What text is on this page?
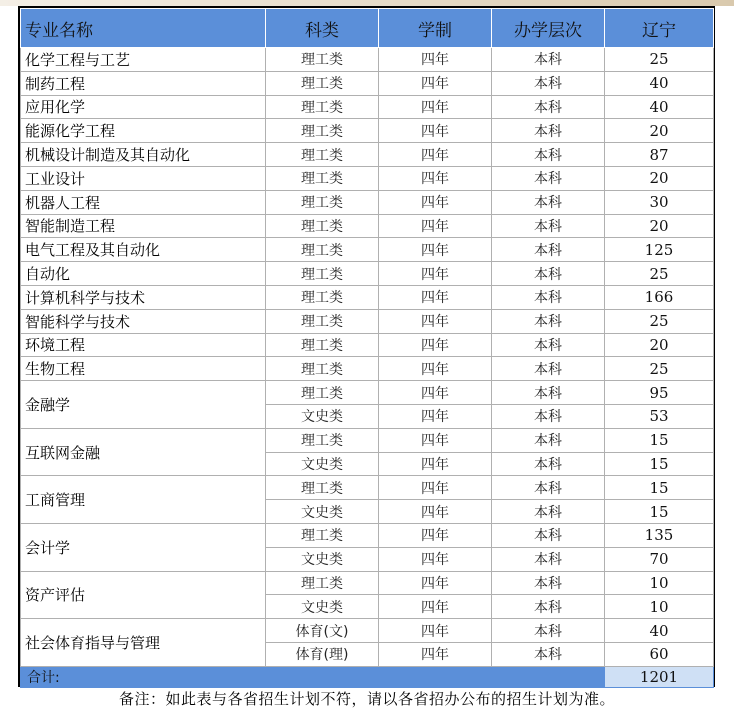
专业名称	科类	学制	办学层次	辽宁
化学工程与工艺	理工类	四年	本科	25
制药工程	理工类	四年	本科	40
应用化学	理工类	四年	本科	40
能源化学工程	理工类	四年	本科	20
机械设计制造及其自动化	理工类	四年	本科	87
工业设计	理工类	四年	本科	20
机器人工程	理工类	四年	本科	30
智能制造工程	理工类	四年	本科	20
电气工程及其自动化	理工类	四年	本科	125
自动化	理工类	四年	本科	25
计算机科学与技术	理工类	四年	本科	166
智能科学与技术	理工类	四年	本科	25
环境工程	理工类	四年	本科	20
生物工程	理工类	四年	本科	25
金融学	理工类	四年	本科	95
	文史类	四年	本科	53
互联网金融	理工类	四年	本科	15
	文史类	四年	本科	15
工商管理	理工类	四年	本科	15
	文史类	四年	本科	15
会计学	理工类	四年	本科	135
	文史类	四年	本科	70
资产评估	理工类	四年	本科	10
	文史类	四年	本科	10
社会体育指导与管理	体育(文)	四年	本科	40
	体育(理)	四年	本科	60
合计:				1201
备注：如此表与各省招生计划不符，请以各省招办公布的招生计划为准。
